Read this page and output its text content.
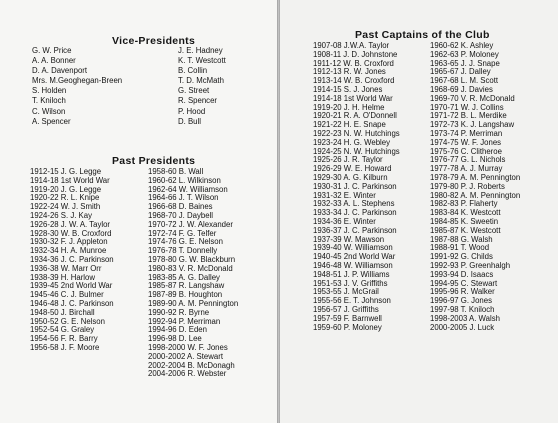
Vice-Presidents
G. W. Price
A. A. Bonner
D. A. Davenport
Mrs. M.Geoghegan-Breen
S. Holden
T. Kniloch
C. Wilson
A. Spencer
J. E. Hadney
K. T. Westcott
B. Collin
T. D. McMath
G. Street
R. Spencer
P. Hood
D. Bull
Past Presidents
1912-15 J. G. Legge
1914-18 1st World War
1919-20 J. G. Legge
1920-22 R. L. Knipe
1922-24 W. J. Smith
1924-26 S. J. Kay
1926-28 J. W. A. Taylor
1928-30 W. B. Croxford
1930-32 F. J. Appleton
1932-34 H. A. Munroe
1934-36 J. C. Parkinson
1936-38 W. Marr Orr
1938-39 H. Harlow
1939-45 2nd World War
1945-46 C. J. Bulmer
1946-48 J. C. Parkinson
1948-50 J. Birchall
1950-52 G. E. Nelson
1952-54 G. Graley
1954-56 F. R. Barry
1956-58 J. F. Moore
1958-60 B. Wall
1960-62 L. Wilkinson
1962-64 W. Williamson
1964-66 J. T. Wilson
1966-68 D. Baines
1968-70 J. Daybell
1970-72 J. W. Alexander
1972-74 F. G. Telfer
1974-76 G. E. Nelson
1976-78 T. Donnelly
1978-80 G. W. Blackburn
1980-83 V. R. McDonald
1983-85 A. G. Dalley
1985-87 R. Langshaw
1987-89 B. Houghton
1989-90 A. M. Pennington
1990-92 R. Byrne
1992-94 P. Merriman
1994-96 D. Eden
1996-98 D. Lee
1998-2000 W. F. Jones
2000-2002 A. Stewart
2002-2004 B. McDonagh
2004-2006 R. Webster
Past Captains of the Club
1907-08 J.W.A. Taylor
1908-11 J. D. Johnstone
1911-12 W. B. Croxford
1912-13 R. W. Jones
1913-14 W. B. Croxford
1914-15 S. J. Jones
1914-18 1st World War
1919-20 J. H. Helme
1920-21 R. A. O'Donnell
1921-22 H. E. Snape
1922-23 N. W. Hutchings
1923-24 H. G. Webley
1924-25 N. W. Hutchings
1925-26 J. R. Taylor
1926-29 W. E. Howard
1929-30 A. G. Kilburn
1930-31 J. C. Parkinson
1931-32 E. Winter
1932-33 A. L. Stephens
1933-34 J. C. Parkinson
1934-36 E. Winter
1936-37 J. C. Parkinson
1937-39 W. Mawson
1939-40 W. Williamson
1940-45 2nd World War
1946-48 W. Williamson
1948-51 J. P. Williams
1951-53 J. V. Griffiths
1953-55 J. McGrail
1955-56 E. T. Johnson
1956-57 J. Griffiths
1957-59 F. Barnwell
1959-60 P. Moloney
1960-62 K. Ashley
1962-63 P. Moloney
1963-65 J. J. Snape
1965-67 J. Dalley
1967-68 L. M. Scott
1968-69 J. Davies
1969-70 V. R. McDonald
1970-71 W. J. Collins
1971-72 B. L. Merdike
1972-73 K. J. Langshaw
1973-74 P. Merriman
1974-75 W. F. Jones
1975-76 C. Clitheroe
1976-77 G. L. Nichols
1977-78 A. J. Murray
1978-79 A. M. Pennington
1979-80 P. J. Roberts
1980-82 A. M. Pennington
1982-83 P. Flaherty
1983-84 K. Westcott
1984-85 K. Sweetin
1985-87 K. Westcott
1987-88 G. Walsh
1988-91 T. Wood
1991-92 G. Childs
1992-93 P. Greenhalgh
1993-94 D. Isaacs
1994-95 C. Stewart
1995-96 R. Walker
1996-97 G. Jones
1997-98 T. Kniloch
1998-2003 A. Walsh
2000-2005 J. Luck
